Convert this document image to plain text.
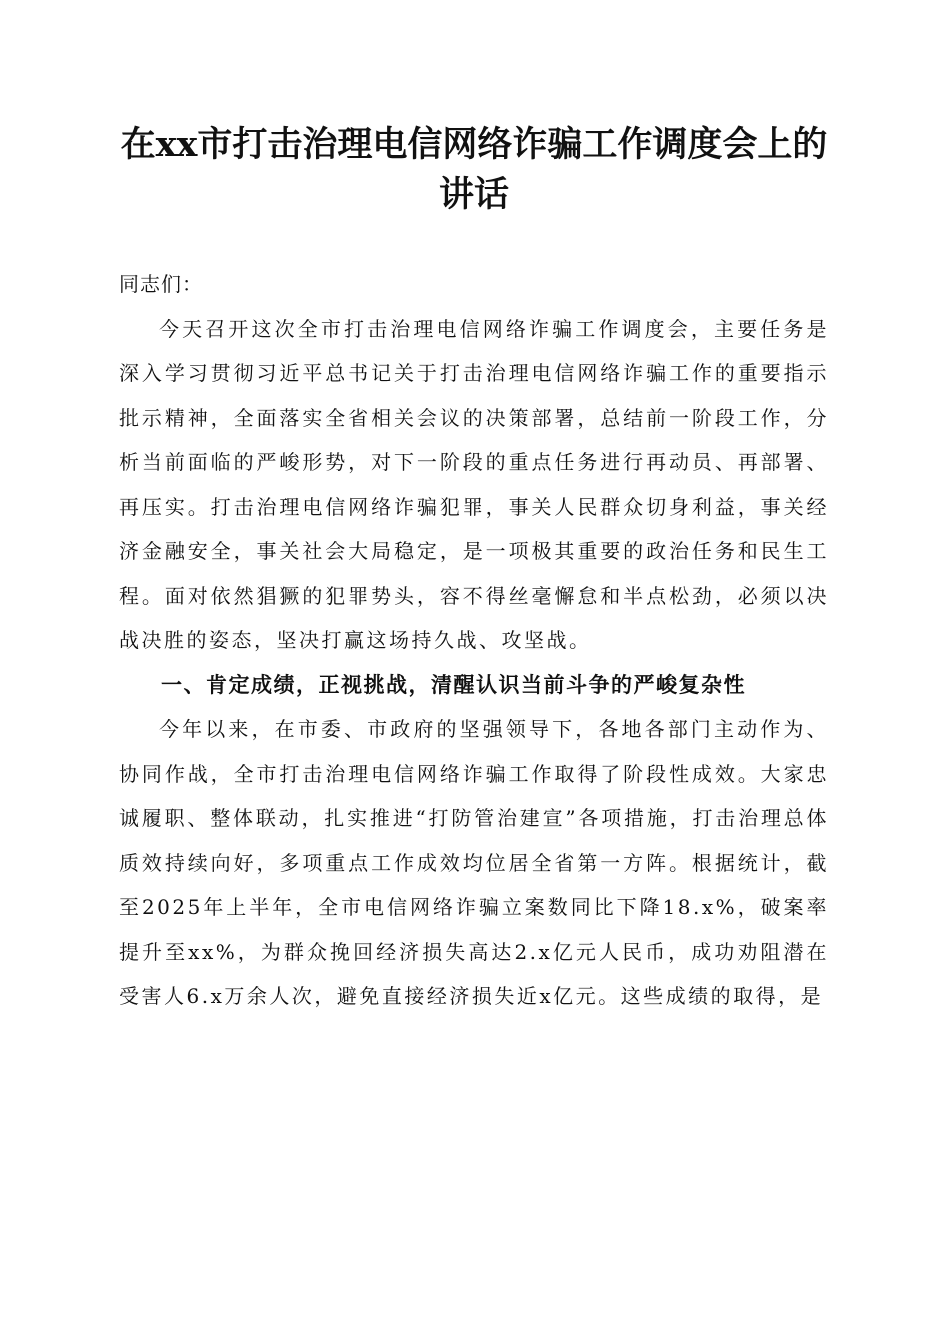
在xx市打击治理电信网络诈骗工作调度会上的讲话

同志们：

今天召开这次全市打击治理电信网络诈骗工作调度会，主要任务是深入学习贯彻习近平总书记关于打击治理电信网络诈骗工作的重要指示批示精神，全面落实全省相关会议的决策部署，总结前一阶段工作，分析当前面临的严峻形势，对下一阶段的重点任务进行再动员、再部署、再压实。打击治理电信网络诈骗犯罪，事关人民群众切身利益，事关经济金融安全，事关社会大局稳定，是一项极其重要的政治任务和民生工程。面对依然猖獗的犯罪势头，容不得丝毫懈怠和半点松劲，必须以决战决胜的姿态，坚决打赢这场持久战、攻坚战。

一、肯定成绩，正视挑战，清醒认识当前斗争的严峻复杂性

今年以来，在市委、市政府的坚强领导下，各地各部门主动作为、协同作战，全市打击治理电信网络诈骗工作取得了阶段性成效。大家忠诚履职、整体联动，扎实推进“打防管治建宣”各项措施，打击治理总体质效持续向好，多项重点工作成效均位居全省第一方阵。根据统计，截至2025年上半年，全市电信网络诈骗立案数同比下降18.x%，破案率提升至xx%，为群众挽回经济损失高达2.x亿元人民币，成功劝阻潜在受害人6.x万余人次，避免直接经济损失近x亿元。这些成绩的取得，是
